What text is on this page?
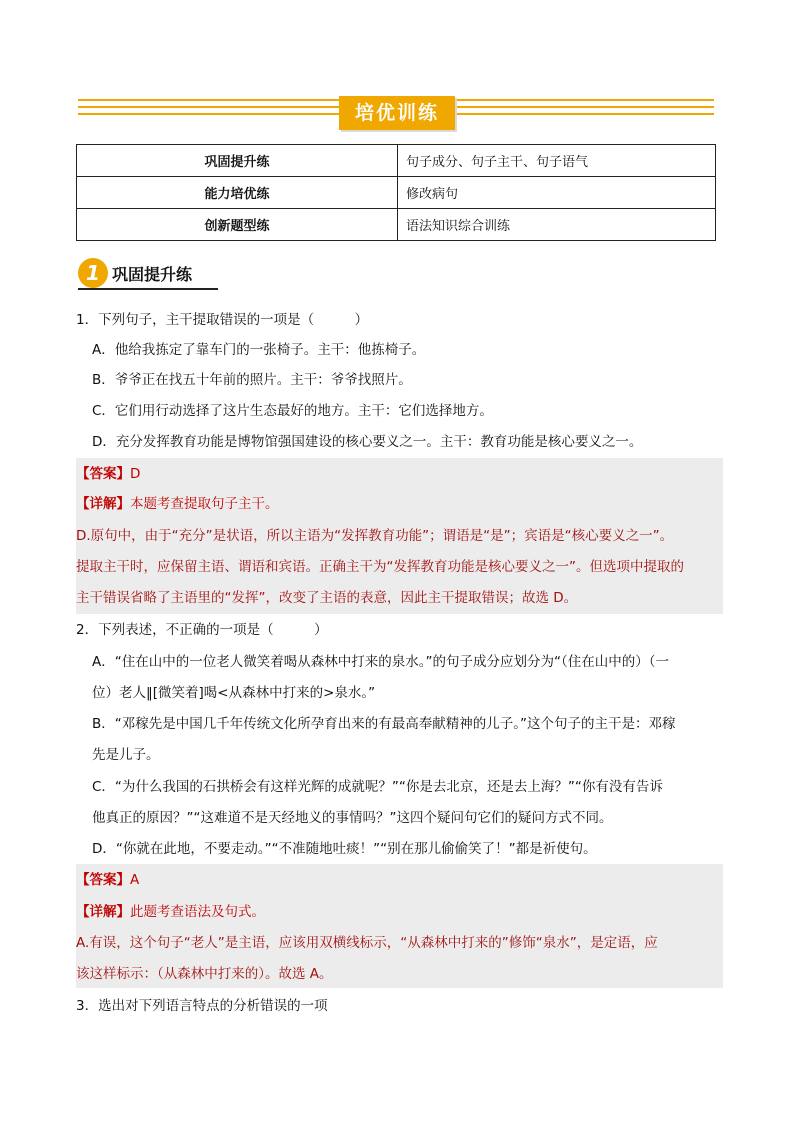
培优训练
巩固提升练	句子成分、句子主干、句子语气
能力培优练	修改病句
创新题型练	语法知识综合训练
1 巩固提升练
1．下列句子，主干提取错误的一项是（　　　）
A．他给我拣定了靠车门的一张椅子。主干：他拣椅子。
B．爷爷正在找五十年前的照片。主干：爷爷找照片。
C．它们用行动选择了这片生态最好的地方。主干：它们选择地方。
D．充分发挥教育功能是博物馆强国建设的核心要义之一。主干：教育功能是核心要义之一。
【答案】D
【详解】本题考查提取句子主干。
D.原句中，由于“充分”是状语，所以主语为“发挥教育功能”；谓语是“是”；宾语是“核心要义之一”。
提取主干时，应保留主语、谓语和宾语。正确主干为“发挥教育功能是核心要义之一”。但选项中提取的
主干错误省略了主语里的“发挥”，改变了主语的表意，因此主干提取错误；故选 D。
2．下列表述，不正确的一项是（　　　）
A．“住在山中的一位老人微笑着喝从森林中打来的泉水。”的句子成分应划分为“（住在山中的）（一
位）老人‖[微笑着]喝<从森林中打来的>泉水。”
B．“邓稼先是中国几千年传统文化所孕育出来的有最高奉献精神的儿子。”这个句子的主干是：邓稼
先是儿子。
C．“为什么我国的石拱桥会有这样光辉的成就呢？”“你是去北京，还是去上海？”“你有没有告诉
他真正的原因？”“这难道不是天经地义的事情吗？”这四个疑问句它们的疑问方式不同。
D．“你就在此地，不要走动。”“不准随地吐痰！”“别在那儿偷偷笑了！”都是祈使句。
【答案】A
【详解】此题考查语法及句式。
A.有误，这个句子“老人”是主语，应该用双横线标示，“从森林中打来的”修饰“泉水”，是定语，应
该这样标示：（从森林中打来的）。故选 A。
3．选出对下列语言特点的分析错误的一项
